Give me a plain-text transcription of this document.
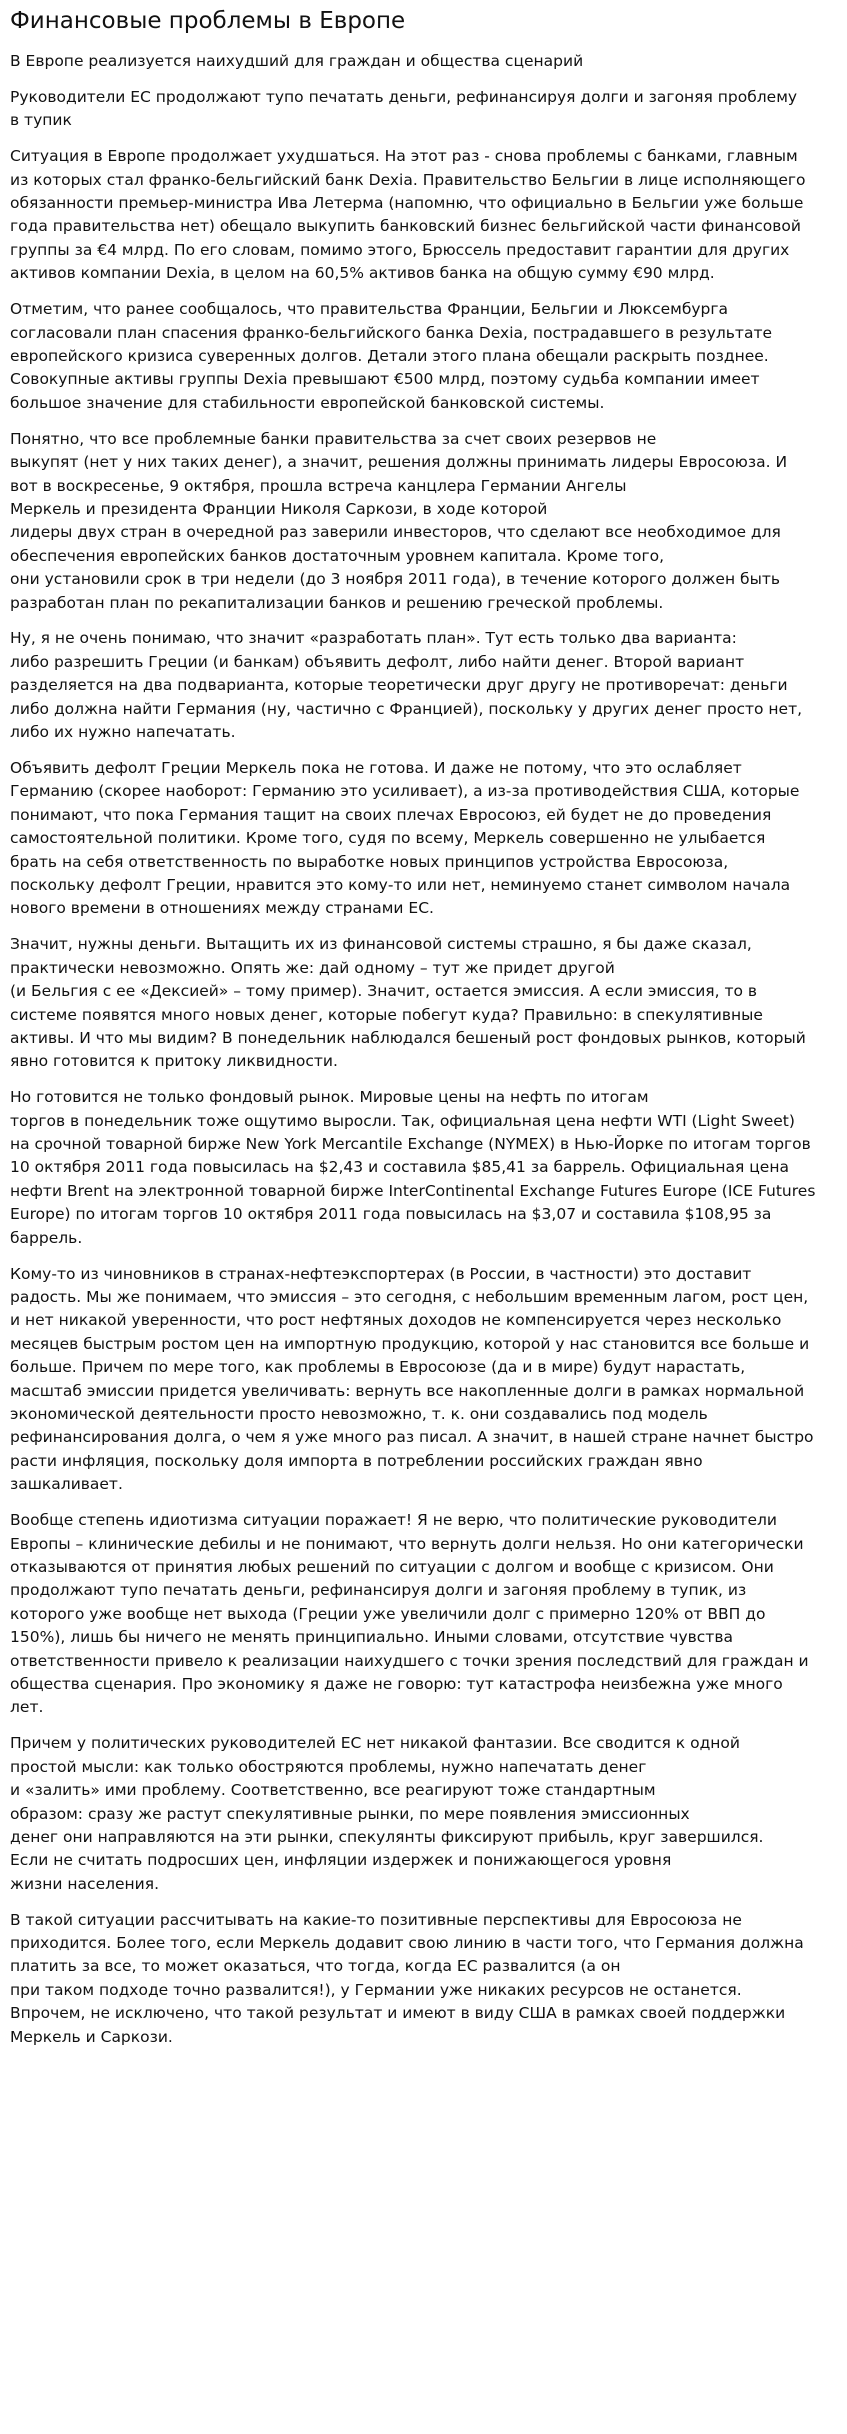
Финансовые проблемы в Европе

В Европе реализуется наихудший для граждан и общества сценарий

Руководители ЕС продолжают тупо печатать деньги, рефинансируя долги и загоняя проблему
в тупик

Ситуация в Европе продолжает ухудшаться. На этот раз - снова проблемы с банками, главным
из которых стал франко-бельгийский банк Dexia. Правительство Бельгии в лице исполняющего
обязанности премьер-министра Ива Летерма (напомню, что официально в Бельгии уже больше
года правительства нет) обещало выкупить банковский бизнес бельгийской части финансовой
группы за €4 млрд. По его словам, помимо этого, Брюссель предоставит гарантии для других
активов компании Dexia, в целом на 60,5% активов банка на общую сумму €90 млрд.

Отметим, что ранее сообщалось, что правительства Франции, Бельгии и Люксембурга
согласовали план спасения франко-бельгийского банка Dexia, пострадавшего в результате
европейского кризиса суверенных долгов. Детали этого плана обещали раскрыть позднее.
Совокупные активы группы Dexia превышают €500 млрд, поэтому судьба компании имеет
большое значение для стабильности европейской банковской системы.

Понятно, что все проблемные банки правительства за счет своих резервов не
выкупят (нет у них таких денег), а значит, решения должны принимать лидеры Евросоюза. И
вот в воскресенье, 9 октября, прошла встреча канцлера Германии Ангелы
Меркель и президента Франции Николя Саркози, в ходе которой
лидеры двух стран в очередной раз заверили инвесторов, что сделают все необходимое для
обеспечения европейских банков достаточным уровнем капитала. Кроме того,
они установили срок в три недели (до 3 ноября 2011 года), в течение которого должен быть
разработан план по рекапитализации банков и решению греческой проблемы.

Ну, я не очень понимаю, что значит «разработать план». Тут есть только два варианта:
либо разрешить Греции (и банкам) объявить дефолт, либо найти денег. Второй вариант
разделяется на два подварианта, которые теоретически друг другу не противоречат: деньги
либо должна найти Германия (ну, частично с Францией), поскольку у других денег просто нет,
либо их нужно напечатать.

Объявить дефолт Греции Меркель пока не готова. И даже не потому, что это ослабляет
Германию (скорее наоборот: Германию это усиливает), а из-за противодействия США, которые
понимают, что пока Германия тащит на своих плечах Евросоюз, ей будет не до проведения
самостоятельной политики. Кроме того, судя по всему, Меркель совершенно не улыбается
брать на себя ответственность по выработке новых принципов устройства Евросоюза,
поскольку дефолт Греции, нравится это кому-то или нет, неминуемо станет символом начала
нового времени в отношениях между странами ЕС.

Значит, нужны деньги. Вытащить их из финансовой системы страшно, я бы даже сказал,
практически невозможно. Опять же: дай одному – тут же придет другой
(и Бельгия с ее «Дексией» – тому пример). Значит, остается эмиссия. А если эмиссия, то в
системе появятся много новых денег, которые побегут куда? Правильно: в спекулятивные
активы. И что мы видим? В понедельник наблюдался бешеный рост фондовых рынков, который
явно готовится к притоку ликвидности.

Но готовится не только фондовый рынок. Мировые цены на нефть по итогам
торгов в понедельник тоже ощутимо выросли. Так, официальная цена нефти WTI (Light Sweet)
на срочной товарной бирже New York Mercantile Exchange (NYMEX) в Нью-Йорке по итогам торгов
10 октября 2011 года повысилась на $2,43 и составила $85,41 за баррель. Официальная цена
нефти Brent на электронной товарной бирже InterContinental Exchange Futures Europe (ICE Futures
Europe) по итогам торгов 10 октября 2011 года повысилась на $3,07 и составила $108,95 за
баррель.

Кому-то из чиновников в странах-нефтеэкспортерах (в России, в частности) это доставит
радость. Мы же понимаем, что эмиссия – это сегодня, с небольшим временным лагом, рост цен,
и нет никакой уверенности, что рост нефтяных доходов не компенсируется через несколько
месяцев быстрым ростом цен на импортную продукцию, которой у нас становится все больше и
больше. Причем по мере того, как проблемы в Евросоюзе (да и в мире) будут нарастать,
масштаб эмиссии придется увеличивать: вернуть все накопленные долги в рамках нормальной
экономической деятельности просто невозможно, т. к. они создавались под модель
рефинансирования долга, о чем я уже много раз писал. А значит, в нашей стране начнет быстро
расти инфляция, поскольку доля импорта в потреблении российских граждан явно
зашкаливает.

Вообще степень идиотизма ситуации поражает! Я не верю, что политические руководители
Европы – клинические дебилы и не понимают, что вернуть долги нельзя. Но они категорически
отказываются от принятия любых решений по ситуации с долгом и вообще с кризисом. Они
продолжают тупо печатать деньги, рефинансируя долги и загоняя проблему в тупик, из
которого уже вообще нет выхода (Греции уже увеличили долг с примерно 120% от ВВП до
150%), лишь бы ничего не менять принципиально. Иными словами, отсутствие чувства
ответственности привело к реализации наихудшего с точки зрения последствий для граждан и
общества сценария. Про экономику я даже не говорю: тут катастрофа неизбежна уже много
лет.

Причем у политических руководителей ЕС нет никакой фантазии. Все сводится к одной
простой мысли: как только обостряются проблемы, нужно напечатать денег
и «залить» ими проблему. Соответственно, все реагируют тоже стандартным
образом: сразу же растут спекулятивные рынки, по мере появления эмиссионных
денег они направляются на эти рынки, спекулянты фиксируют прибыль, круг завершился.
Если не считать подросших цен, инфляции издержек и понижающегося уровня
жизни населения.

В такой ситуации рассчитывать на какие-то позитивные перспективы для Евросоюза не
приходится. Более того, если Меркель додавит свою линию в части того, что Германия должна
платить за все, то может оказаться, что тогда, когда ЕС развалится (а он
при таком подходе точно развалится!), у Германии уже никаких ресурсов не останется.
Впрочем, не исключено, что такой результат и имеют в виду США в рамках своей поддержки
Меркель и Саркози.
